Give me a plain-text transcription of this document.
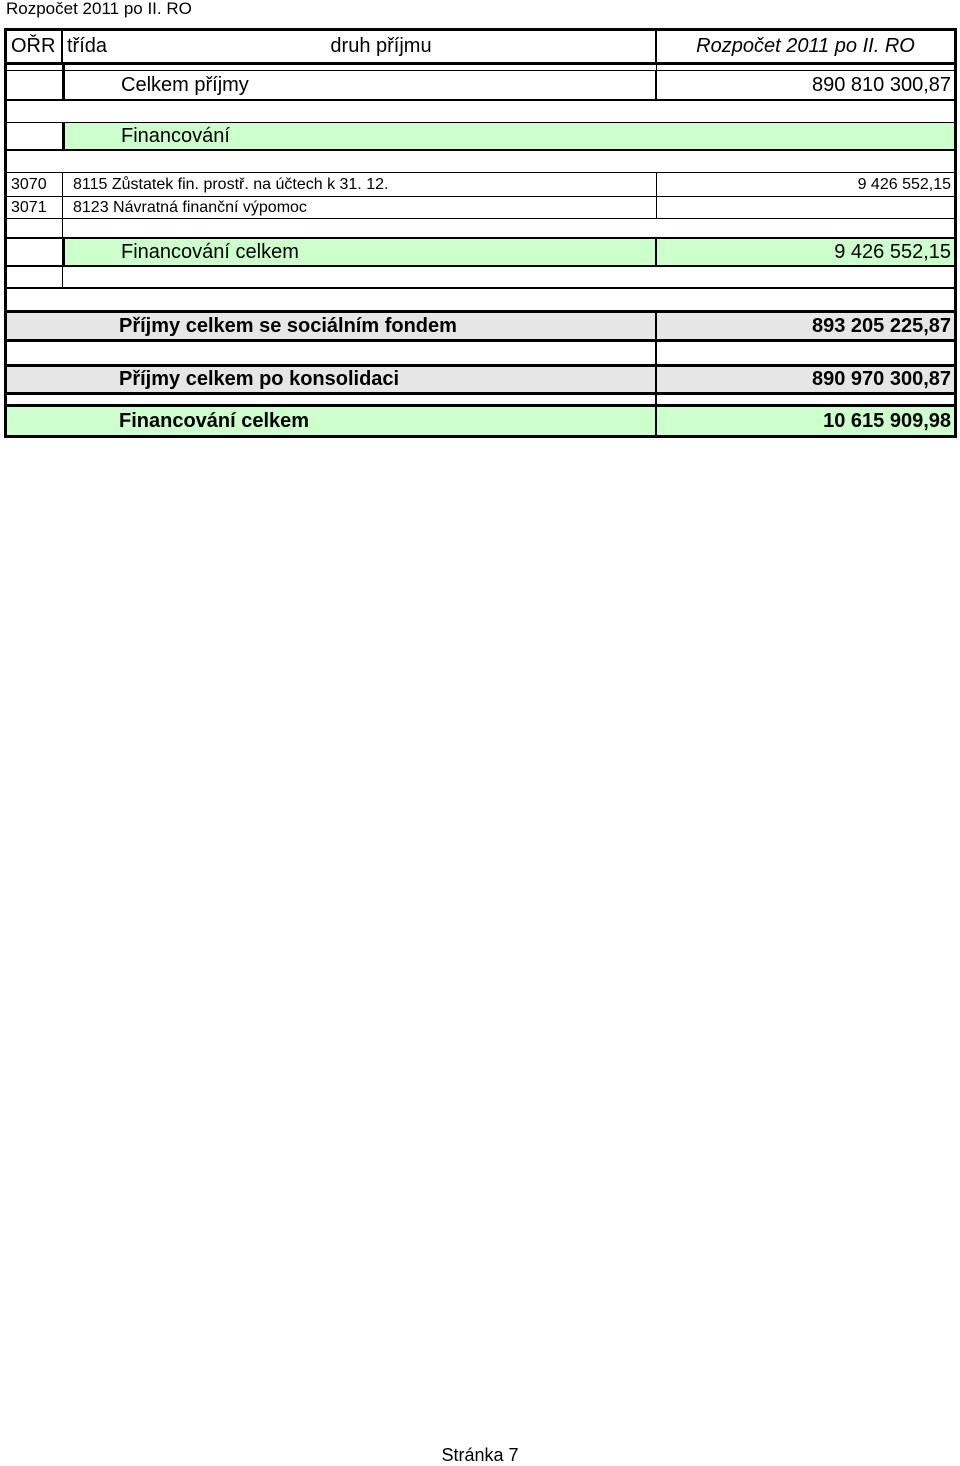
Rozpočet 2011 po II. RO
OŘR třída	druh příjmu	Rozpočet 2011 po II. RO
Celkem příjmy	890 810 300,87
Financování
3070	8115 Zůstatek fin. prostř. na účtech k 31. 12.	9 426 552,15
3071	8123 Návratná finanční výpomoc
Financování celkem	9 426 552,15
Příjmy celkem se sociálním fondem	893 205 225,87
Příjmy celkem po konsolidaci	890 970 300,87
Financování celkem	10 615 909,98
Stránka 7
